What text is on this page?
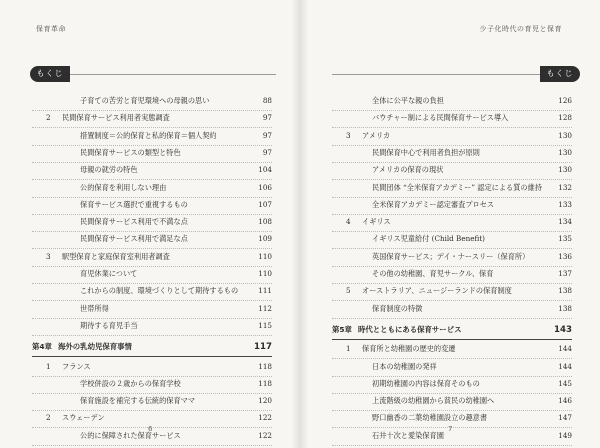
保育革命
もくじ
子育ての苦労と育児環境への母親の思い	88
2 民間保育サービス利用者実態調査	97
措置制度＝公的保育と私的保育＝個人契約	97
民間保育サービスの類型と特色	97
母親の就労の特色	104
公的保育を利用しない理由	106
保育サービス選択で重視するもの	107
民間保育サービス利用で不満な点	108
民間保育サービス利用で満足な点	109
3 駅型保育と家庭保育室利用者調査	110
育児休業について	110
これからの制度、環境づくりとして期待するもの	111
世帯所得	112
期待する育児手当	115
第4章 海外の乳幼児保育事情	117
1 フランス	118
学校併設の２歳からの保育学校	118
保育施設を補完する伝統的保育ママ	120
2 スウェーデン	122
公的に保障された保育サービス	122
6
少子化時代の育児と保育
もくじ
全体に公平な親の負担	126
バウチャー制による民間保育サービス導入	128
3 アメリカ	130
民間保育中心で利用者負担が原則	130
アメリカの保育の現状	130
民間団体 “全米保育アカデミー” 認定による質の維持 132
全米保育アカデミー認定審査プロセス	133
4 イギリス	134
イギリス児童給付 (Child Benefit)	135
英国保育サービス；デイ・ナースリー（保育所）	136
その他の幼稚園、育児サークル、保育	137
5 オーストラリア、ニュージーランドの保育制度	138
保育制度の特徴	138
第5章 時代とともにある保育サービス	143
1 保育所と幼稚園の歴史的変遷	144
日本の幼稚園の発祥	144
初期幼稚園の内容は保育そのもの	145
上流階級の幼稚園から貧民の幼稚園へ	146
野口幽香の二葉幼稚園設立の趣意書	147
石井十次と愛染保育園	149
7
